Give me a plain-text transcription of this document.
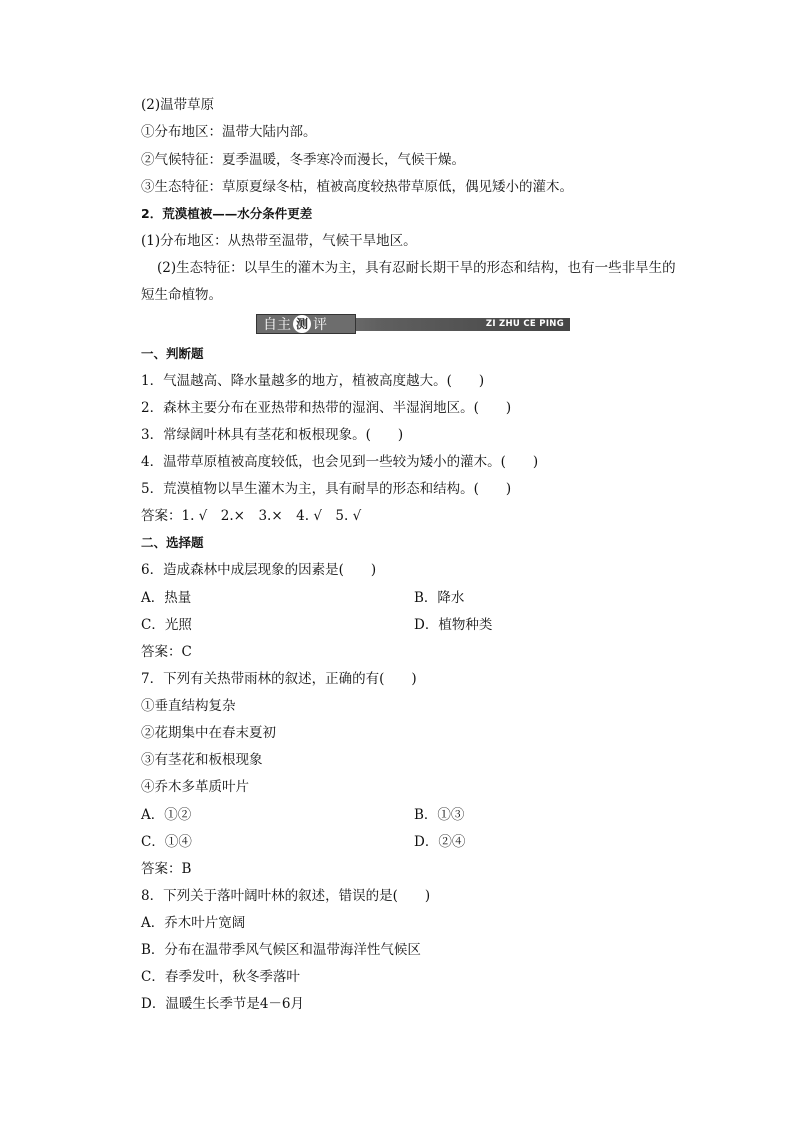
(2)温带草原
①分布地区：温带大陆内部。
②气候特征：夏季温暖，冬季寒冷而漫长，气候干燥。
③生态特征：草原夏绿冬枯，植被高度较热带草原低，偶见矮小的灌木。
2．荒漠植被——水分条件更差
(1)分布地区：从热带至温带，气候干旱地区。
(2)生态特征：以旱生的灌木为主，具有忍耐长期干旱的形态和结构，也有一些非旱生的
短生命植物。
自主 测 评	ZI ZHU CE PING
一、判断题
1．气温越高、降水量越多的地方，植被高度越大。(　　)
2．森林主要分布在亚热带和热带的湿润、半湿润地区。(　　)
3．常绿阔叶林具有茎花和板根现象。(　　)
4．温带草原植被高度较低，也会见到一些较为矮小的灌木。(　　)
5．荒漠植物以旱生灌木为主，具有耐旱的形态和结构。(　　)
答案：1. √　2.×　3.×　4. √　5. √
二、选择题
6．造成森林中成层现象的因素是(　　)
A．热量	B．降水
C．光照	D．植物种类
答案：C
7．下列有关热带雨林的叙述，正确的有(　　)
①垂直结构复杂
②花期集中在春末夏初
③有茎花和板根现象
④乔木多革质叶片
A．①②	B．①③
C．①④	D．②④
答案：B
8．下列关于落叶阔叶林的叙述，错误的是(　　)
A．乔木叶片宽阔
B．分布在温带季风气候区和温带海洋性气候区
C．春季发叶，秋冬季落叶
D．温暖生长季节是4－6月
